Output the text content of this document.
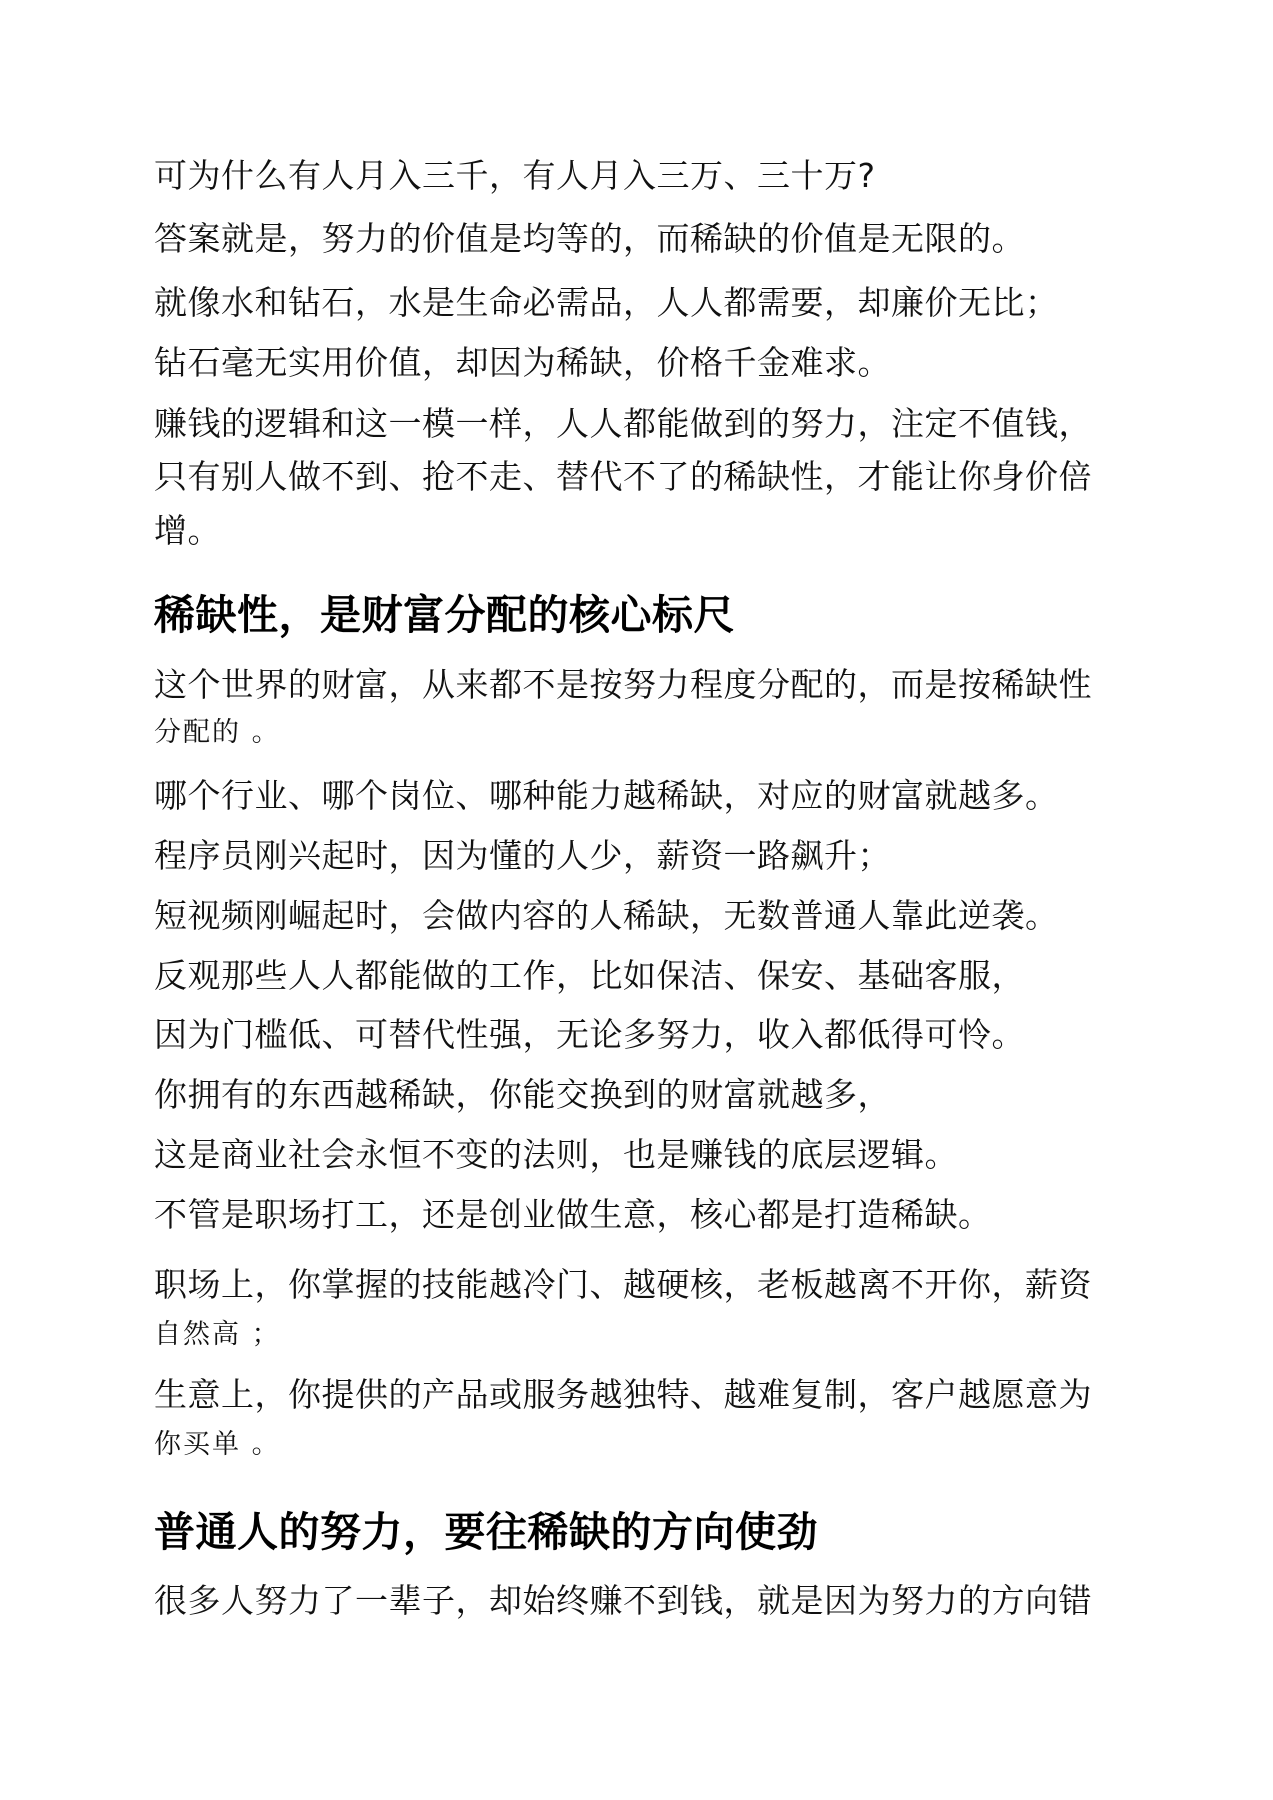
可为什么有人月入三千，有人月入三万、三十万?
答案就是，努力的价值是均等的，而稀缺的价值是无限的。
就像水和钻石，水是生命必需品，人人都需要，却廉价无比；
钻石毫无实用价值，却因为稀缺，价格千金难求。
赚钱的逻辑和这一模一样，人人都能做到的努力，注定不值钱，
只有别人做不到、抢不走、替代不了的稀缺性，才能让你身价倍
增。
稀缺性，是财富分配的核心标尺
这个世界的财富，从来都不是按努力程度分配的，而是按稀缺性
分配的 。
哪个行业、哪个岗位、哪种能力越稀缺，对应的财富就越多。
程序员刚兴起时，因为懂的人少，薪资一路飙升；
短视频刚崛起时，会做内容的人稀缺，无数普通人靠此逆袭。
反观那些人人都能做的工作，比如保洁、保安、基础客服，
因为门槛低、可替代性强，无论多努力，收入都低得可怜。
你拥有的东西越稀缺，你能交换到的财富就越多，
这是商业社会永恒不变的法则，也是赚钱的底层逻辑。
不管是职场打工，还是创业做生意，核心都是打造稀缺。
职场上，你掌握的技能越冷门、越硬核，老板越离不开你，薪资
自然高 ；
生意上，你提供的产品或服务越独特、越难复制，客户越愿意为
你买单 。
普通人的努力，要往稀缺的方向使劲
很多人努力了一辈子，却始终赚不到钱，就是因为努力的方向错
